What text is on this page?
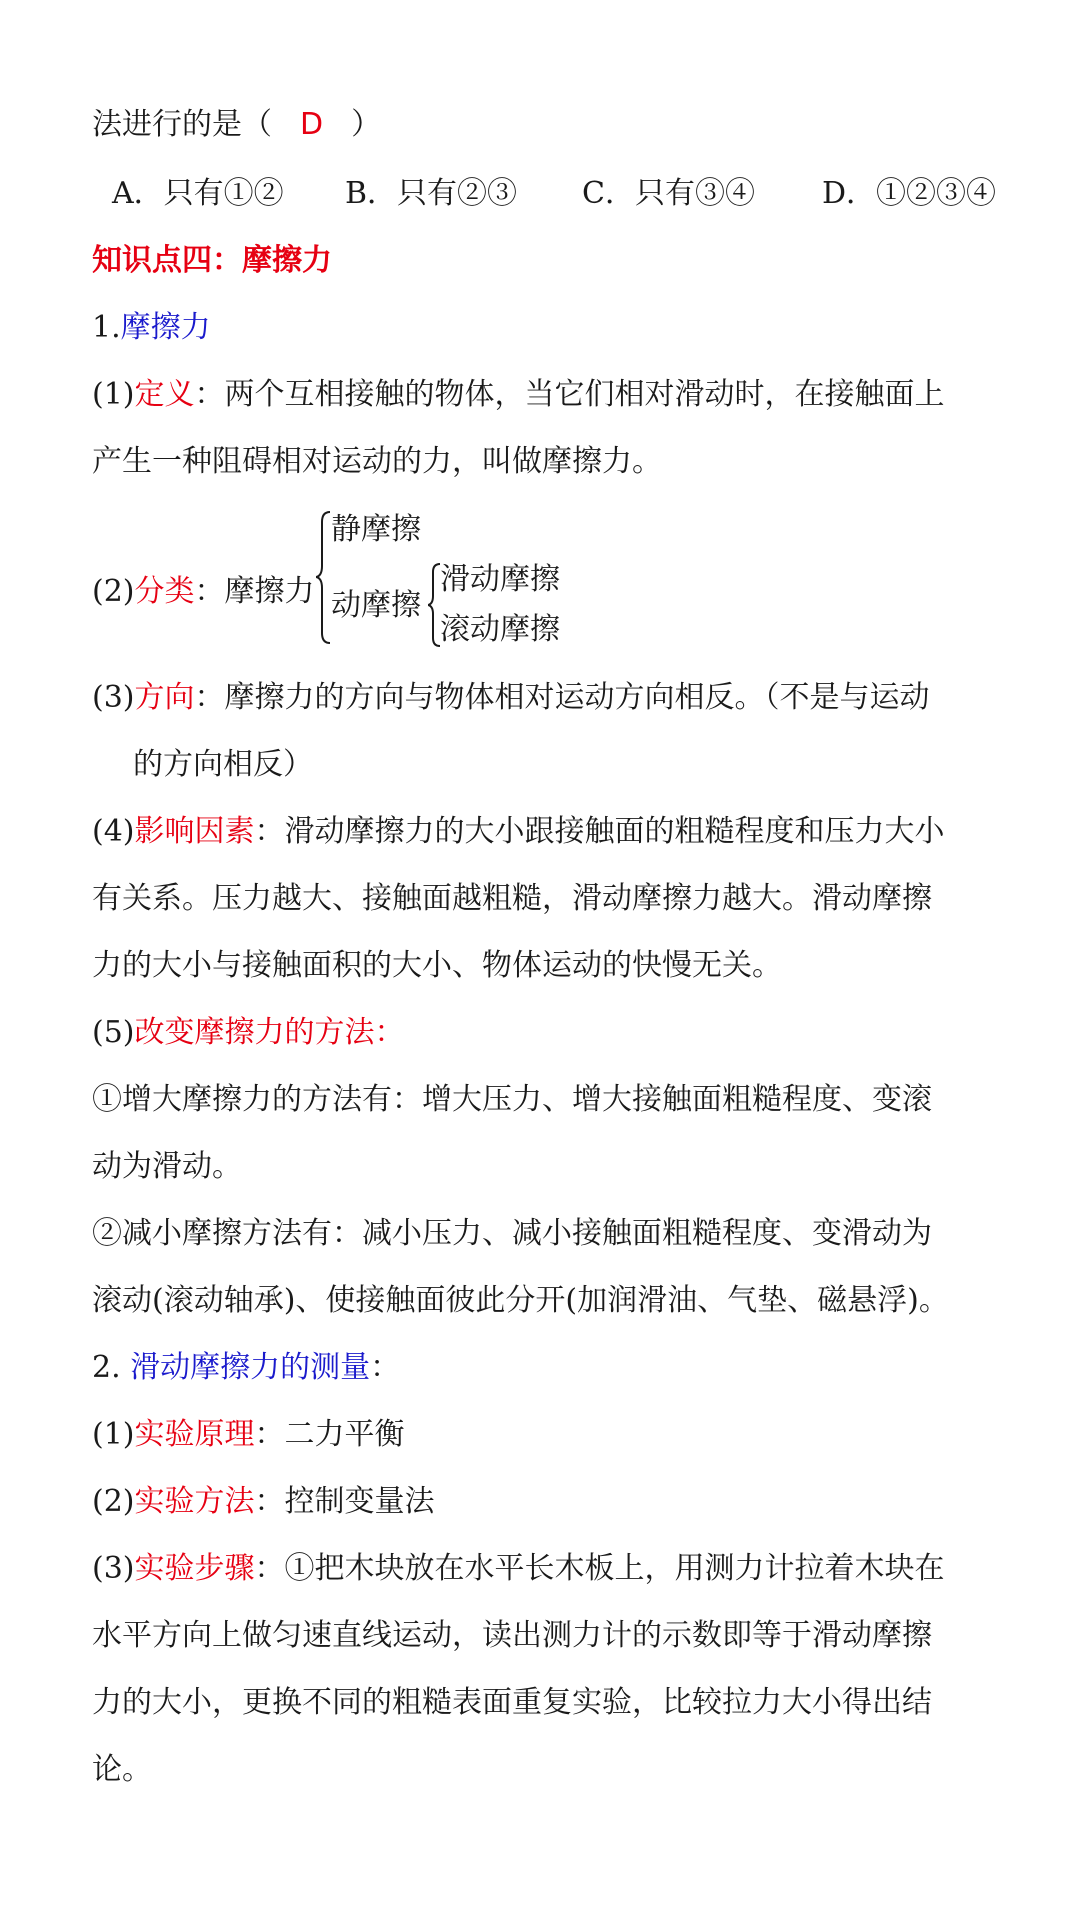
法进行的是（ D ）
A．只有①② B．只有②③ C．只有③④ D．①②③④
知识点四：摩擦力
1.摩擦力
(1)定义：两个互相接触的物体，当它们相对滑动时，在接触面上
产生一种阻碍相对运动的力，叫做摩擦力。
(2)分类：摩擦力
静摩擦
动摩擦
滑动摩擦
滚动摩擦
(3)方向：摩擦力的方向与物体相对运动方向相反。（不是与运动
的方向相反）
(4)影响因素：滑动摩擦力的大小跟接触面的粗糙程度和压力大小
有关系。压力越大、接触面越粗糙，滑动摩擦力越大。滑动摩擦
力的大小与接触面积的大小、物体运动的快慢无关。
(5)改变摩擦力的方法：
①增大摩擦力的方法有：增大压力、增大接触面粗糙程度、变滚
动为滑动。
②减小摩擦方法有：减小压力、减小接触面粗糙程度、变滑动为
滚动(滚动轴承)、使接触面彼此分开(加润滑油、气垫、磁悬浮)。
2. 滑动摩擦力的测量：
(1)实验原理：二力平衡
(2)实验方法：控制变量法
(3)实验步骤：①把木块放在水平长木板上，用测力计拉着木块在
水平方向上做匀速直线运动，读出测力计的示数即等于滑动摩擦
力的大小，更换不同的粗糙表面重复实验，比较拉力大小得出结
论。
